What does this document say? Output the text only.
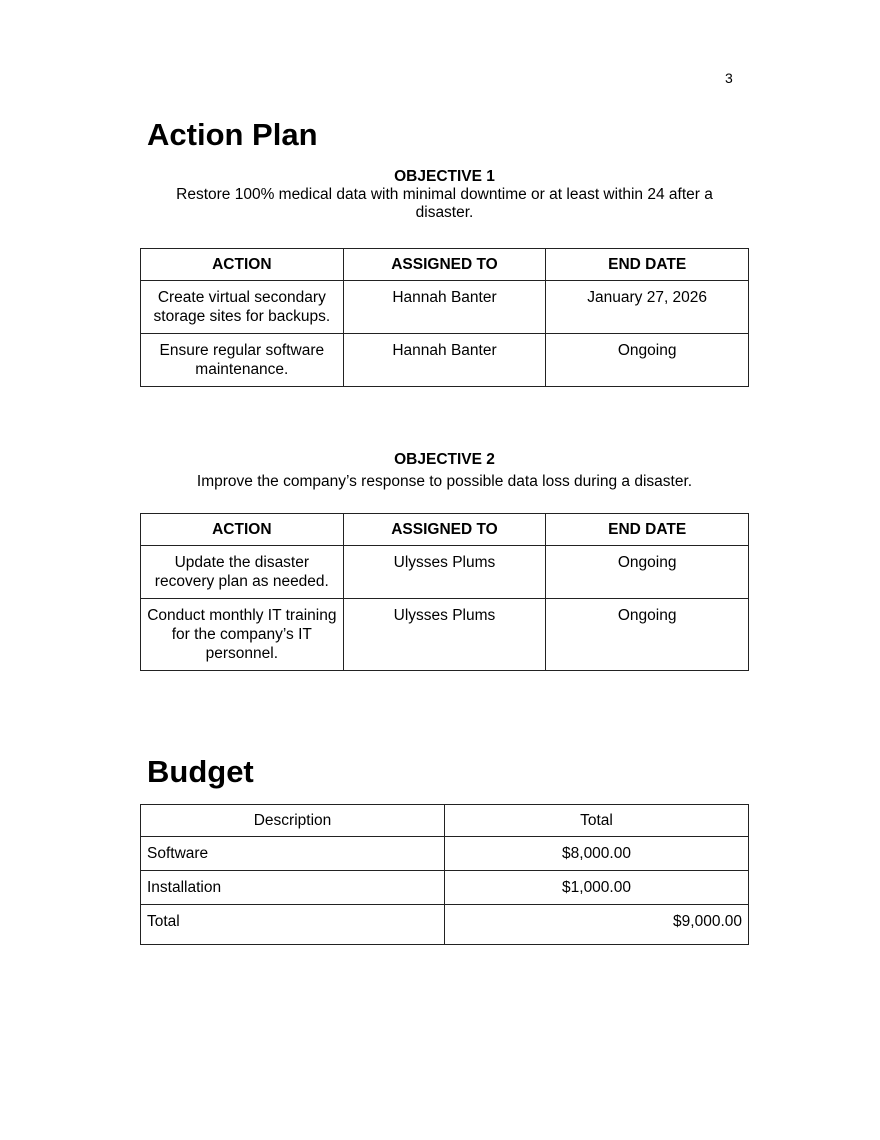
3
Action Plan
OBJECTIVE 1
Restore 100% medical data with minimal downtime or at least within 24 after a disaster.
ACTION	ASSIGNED TO	END DATE
Create virtual secondary storage sites for backups.	Hannah Banter	January 27, 2026
Ensure regular software maintenance.	Hannah Banter	Ongoing
OBJECTIVE 2
Improve the company’s response to possible data loss during a disaster.
ACTION	ASSIGNED TO	END DATE
Update the disaster recovery plan as needed.	Ulysses Plums	Ongoing
Conduct monthly IT training for the company’s IT personnel.	Ulysses Plums	Ongoing
Budget
Description	Total
Software	$8,000.00
Installation	$1,000.00
Total	$9,000.00
